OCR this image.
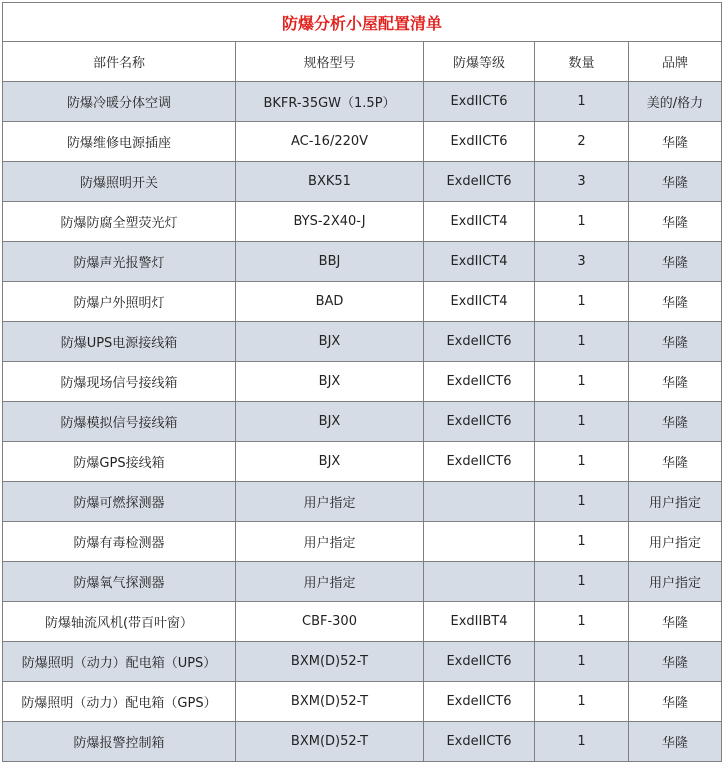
防爆分析小屋配置清单				
部件名称	规格型号	防爆等级	数量	品牌
防爆冷暖分体空调	BKFR-35GW（1.5P）	ExdIICT6	1	美的/格力
防爆维修电源插座	AC-16/220V	ExdIICT6	2	华隆
防爆照明开关	BXK51	ExdeIICT6	3	华隆
防爆防腐全塑荧光灯	BYS-2X40-J	ExdIICT4	1	华隆
防爆声光报警灯	BBJ	ExdIICT4	3	华隆
防爆户外照明灯	BAD	ExdIICT4	1	华隆
防爆UPS电源接线箱	BJX	ExdeIICT6	1	华隆
防爆现场信号接线箱	BJX	ExdeIICT6	1	华隆
防爆模拟信号接线箱	BJX	ExdeIICT6	1	华隆
防爆GPS接线箱	BJX	ExdeIICT6	1	华隆
防爆可燃探测器	用户指定		1	用户指定
防爆有毒检测器	用户指定		1	用户指定
防爆氧气探测器	用户指定		1	用户指定
防爆轴流风机(带百叶窗）	CBF-300	ExdIIBT4	1	华隆
防爆照明（动力）配电箱（UPS）	BXM(D)52-T	ExdeIICT6	1	华隆
防爆照明（动力）配电箱（GPS）	BXM(D)52-T	ExdeIICT6	1	华隆
防爆报警控制箱	BXM(D)52-T	ExdeIICT6	1	华隆
